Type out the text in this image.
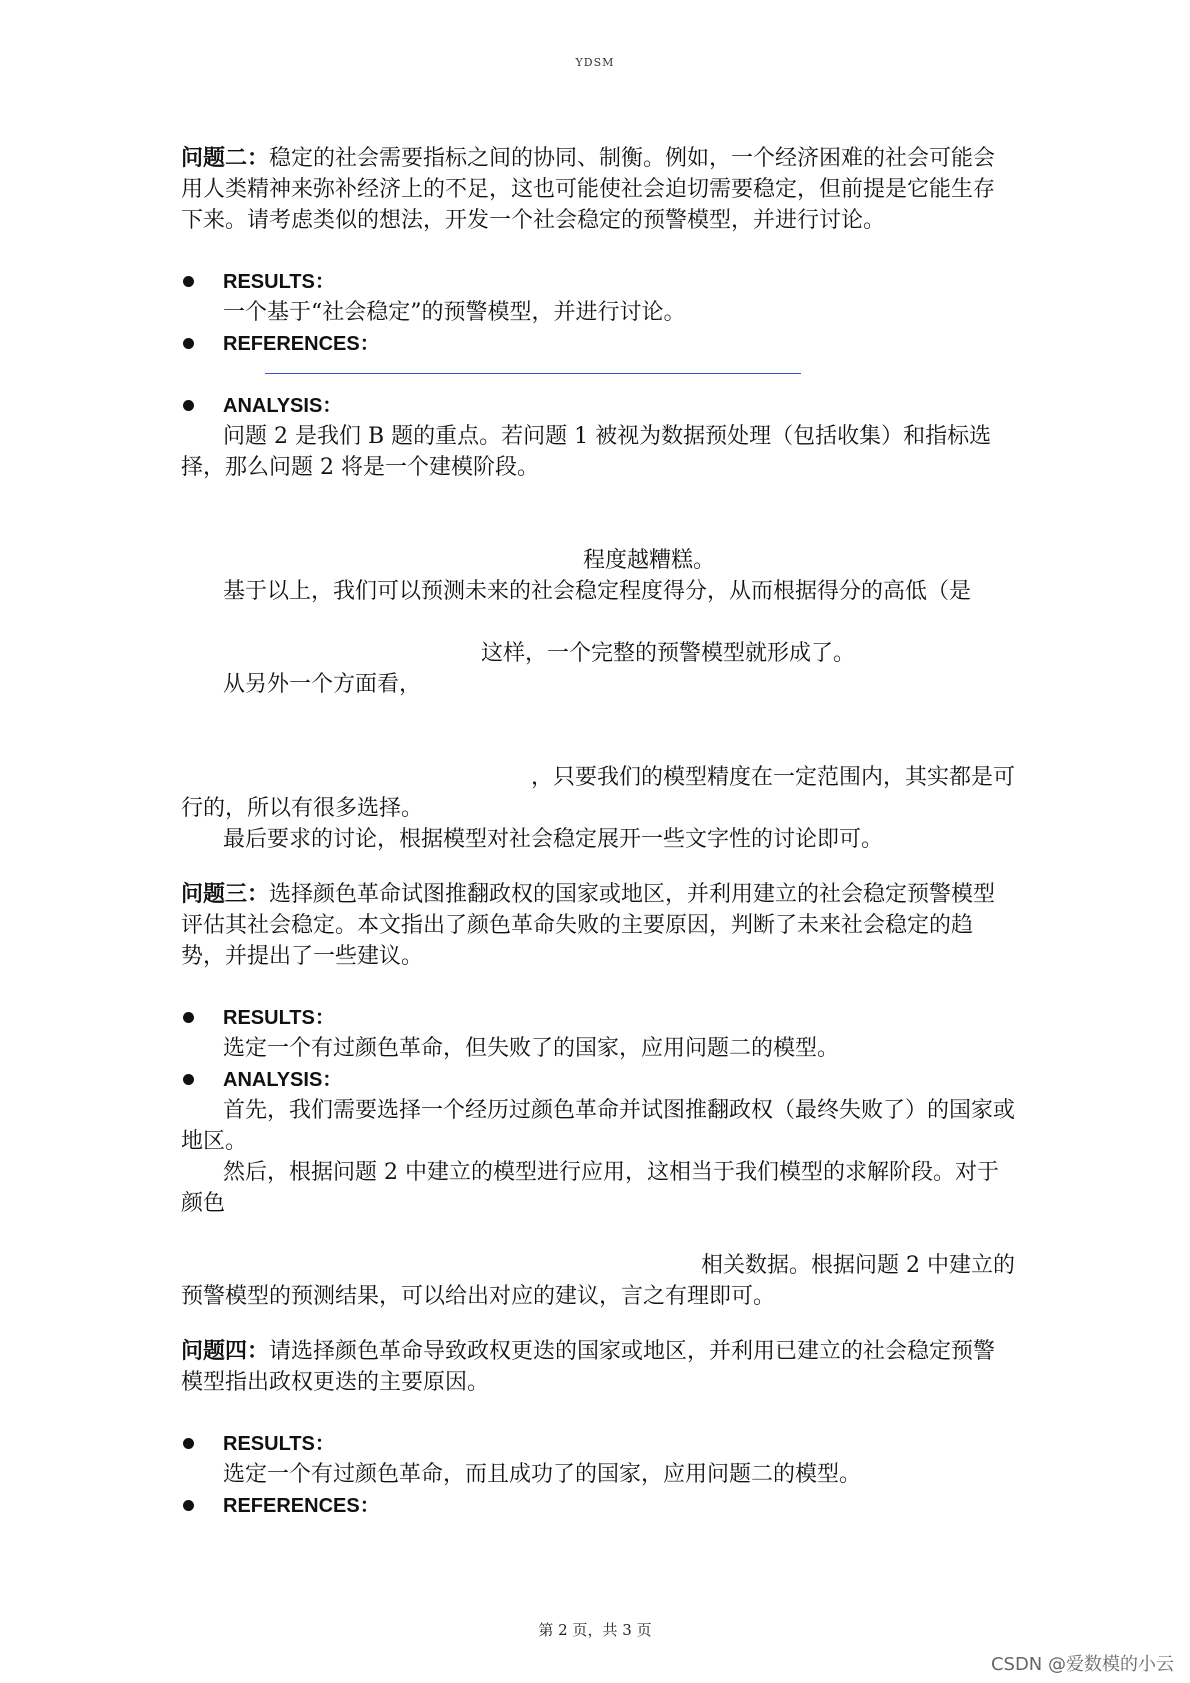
YDSM

问题二：稳定的社会需要指标之间的协同、制衡。例如，一个经济困难的社会可能会用人类精神来弥补经济上的不足，这也可能使社会迫切需要稳定，但前提是它能生存下来。请考虑类似的想法，开发一个社会稳定的预警模型，并进行讨论。

RESULTS：

一个基于“社会稳定”的预警模型，并进行讨论。

REFERENCES：
ANALYSIS：

问题 2 是我们 B 题的重点。若问题 1 被视为数据预处理（包括收集）和指标选择，那么问题 2 将是一个建模阶段。

程度越糟糕。

基于以上，我们可以预测未来的社会稳定程度得分，从而根据得分的高低（是

这样，一个完整的预警模型就形成了。

从另外一个方面看，

，只要我们的模型精度在一定范围内，其实都是可

行的，所以有很多选择。

最后要求的讨论，根据模型对社会稳定展开一些文字性的讨论即可。

问题三：选择颜色革命试图推翻政权的国家或地区，并利用建立的社会稳定预警模型评估其社会稳定。本文指出了颜色革命失败的主要原因，判断了未来社会稳定的趋势，并提出了一些建议。

RESULTS：

选定一个有过颜色革命，但失败了的国家，应用问题二的模型。

ANALYSIS：

首先，我们需要选择一个经历过颜色革命并试图推翻政权（最终失败了）的国家或地区。

然后，根据问题 2 中建立的模型进行应用，这相当于我们模型的求解阶段。对于颜色

相关数据。根据问题 2 中建立的

预警模型的预测结果，可以给出对应的建议，言之有理即可。

问题四：请选择颜色革命导致政权更迭的国家或地区，并利用已建立的社会稳定预警模型指出政权更迭的主要原因。

RESULTS：

选定一个有过颜色革命，而且成功了的国家，应用问题二的模型。

REFERENCES：
第 2 页，共 3 页
CSDN @爱数模的小云
